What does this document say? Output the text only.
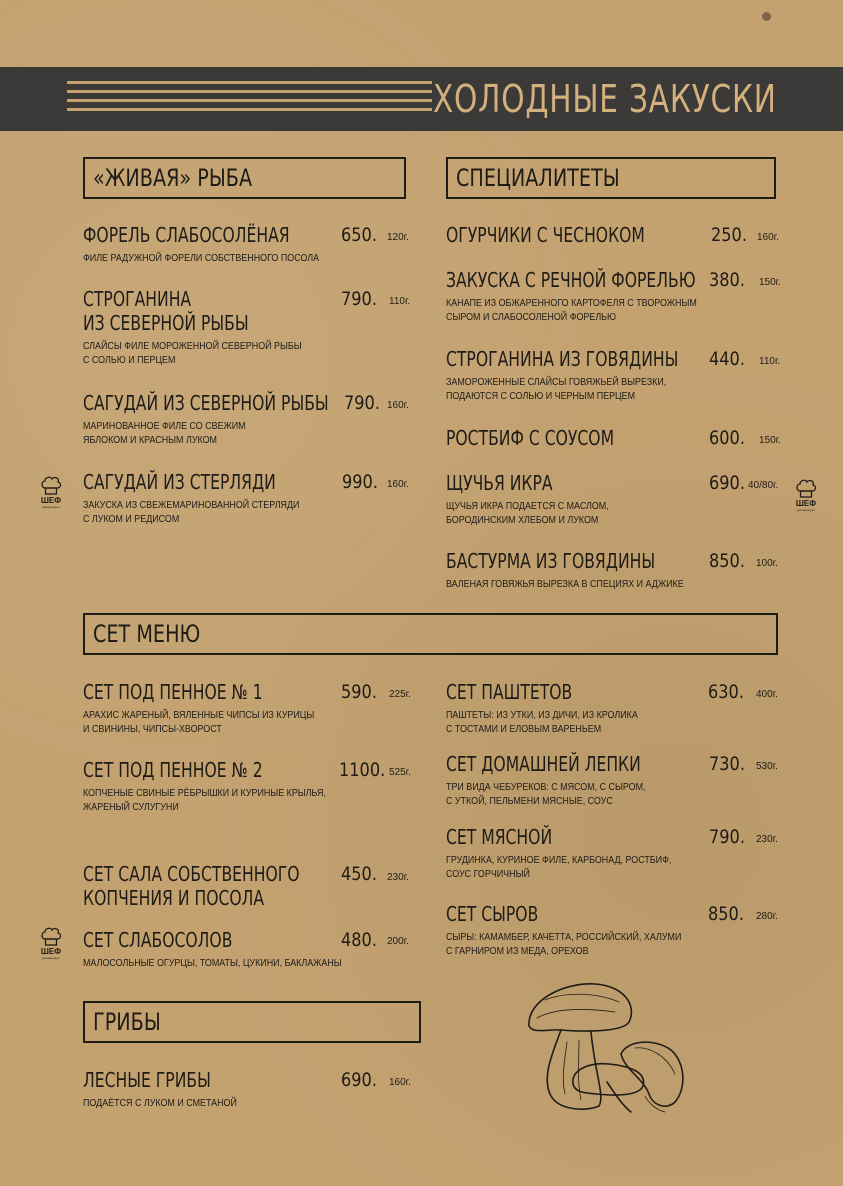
ХОЛОДНЫЕ ЗАКУСКИ
«ЖИВАЯ» РЫБА	СПЕЦИАЛИТЕТЫ
СЕТ МЕНЮ
ГРИБЫ
ФОРЕЛЬ СЛАБОСОЛЁНАЯ
ФИЛЕ РАДУЖНОЙ ФОРЕЛИ СОБСТВЕННОГО ПОСОЛА
650. 120г.
СТРОГАНИНА
ИЗ СЕВЕРНОЙ РЫБЫ
СЛАЙСЫ ФИЛЕ МОРОЖЕННОЙ СЕВЕРНОЙ РЫБЫ
С СОЛЬЮ И ПЕРЦЕМ
790. 110г.
САГУДАЙ ИЗ СЕВЕРНОЙ РЫБЫ
МАРИНОВАННОЕ ФИЛЕ СО СВЕЖИМ
ЯБЛОКОМ И КРАСНЫМ ЛУКОМ
790. 160г.
САГУДАЙ ИЗ СТЕРЛЯДИ
ЗАКУСКА ИЗ СВЕЖЕМАРИНОВАННОЙ СТЕРЛЯДИ
С ЛУКОМ И РЕДИСОМ
990. 160г.
ОГУРЧИКИ С ЧЕСНОКОМ	250. 160г.
ЗАКУСКА С РЕЧНОЙ ФОРЕЛЬЮ
КАНАПЕ ИЗ ОБЖАРЕННОГО КАРТОФЕЛЯ С ТВОРОЖНЫМ
СЫРОМ И СЛАБОСОЛЕНОЙ ФОРЕЛЬЮ
380. 150г.
СТРОГАНИНА ИЗ ГОВЯДИНЫ
ЗАМОРОЖЕННЫЕ СЛАЙСЫ ГОВЯЖЬЕЙ ВЫРЕЗКИ,
ПОДАЮТСЯ С СОЛЬЮ И ЧЕРНЫМ ПЕРЦЕМ
440. 110г.
РОСТБИФ С СОУСОМ	600. 150г.
ЩУЧЬЯ ИКРА
ЩУЧЬЯ ИКРА ПОДАЕТСЯ С МАСЛОМ,
БОРОДИНСКИМ ХЛЕБОМ И ЛУКОМ
690. 40/80г.
БАСТУРМА ИЗ ГОВЯДИНЫ
ВАЛЕНАЯ ГОВЯЖЬЯ ВЫРЕЗКА В СПЕЦИЯХ И АДЖИКЕ
850. 100г.
СЕТ ПОД ПЕННОЕ № 1
АРАХИС ЖАРЕНЫЙ, ВЯЛЕННЫЕ ЧИПСЫ ИЗ КУРИЦЫ
И СВИНИНЫ, ЧИПСЫ-ХВОРОСТ
590. 225г.
СЕТ ПОД ПЕННОЕ № 2
КОПЧЕНЫЕ СВИНЫЕ РЁБРЫШКИ И КУРИНЫЕ КРЫЛЬЯ,
ЖАРЕНЫЙ СУЛУГУНИ
1100. 525г.
СЕТ САЛА СОБСТВЕННОГО
КОПЧЕНИЯ И ПОСОЛА
450. 230г.
СЕТ СЛАБОСОЛОВ
МАЛОСОЛЬНЫЕ ОГУРЦЫ, ТОМАТЫ, ЦУКИНИ, БАКЛАЖАНЫ
480. 200г.
СЕТ ПАШТЕТОВ
ПАШТЕТЫ: ИЗ УТКИ, ИЗ ДИЧИ, ИЗ КРОЛИКА
С ТОСТАМИ И ЕЛОВЫМ ВАРЕНЬЕМ
630. 400г.
СЕТ ДОМАШНЕЙ ЛЕПКИ
ТРИ ВИДА ЧЕБУРЕКОВ: С МЯСОМ, С СЫРОМ,
С УТКОЙ, ПЕЛЬМЕНИ МЯСНЫЕ, СОУС
730. 530г.
СЕТ МЯСНОЙ
ГРУДИНКА, КУРИНОЕ ФИЛЕ, КАРБОНАД, РОСТБИФ,
СОУС ГОРЧИЧНЫЙ
790. 230г.
СЕТ СЫРОВ
СЫРЫ: КАМАМБЕР, КАЧЕТТА, РОССИЙСКИЙ, ХАЛУМИ
С ГАРНИРОМ ИЗ МЕДА, ОРЕХОВ
850. 280г.
ЛЕСНЫЕ ГРИБЫ
ПОДАЁТСЯ С ЛУКОМ И СМЕТАНОЙ
690. 160г.
ШЕФ
рекомендует	ШЕФ
рекомендует
ШЕФ
рекомендует
